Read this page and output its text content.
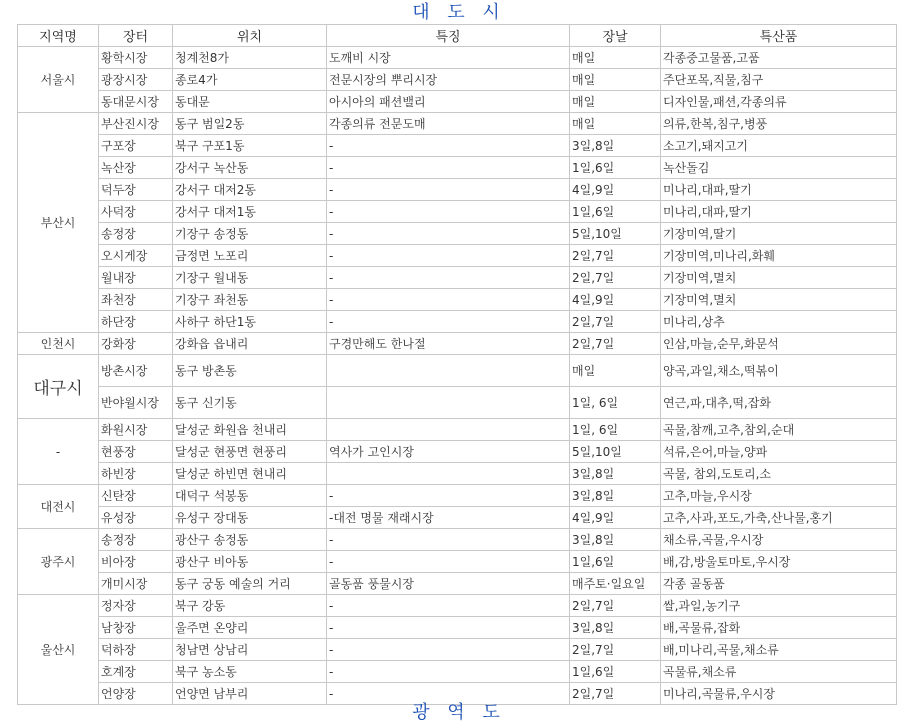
대 도 시
지역명	장터	위치	특징	장날	특산품
서울시	황학시장	청계천8가	도깨비 시장	매일	각종중고물품,고품
	광장시장	종로4가	전문시장의 뿌리시장	매일	주단포목,직물,침구
	동대문시장	동대문	아시아의 패션밸리	매일	디자인물,패션,각종의류
부산시	부산진시장	동구 범일2동	각종의류 전문도매	매일	의류,한복,침구,병풍
	구포장	북구 구포1동	-	3일,8일	소고기,돼지고기
	녹산장	강서구 녹산동	-	1일,6일	녹산돌김
	덕두장	강서구 대저2동	-	4일,9일	미나리,대파,딸기
	사덕장	강서구 대저1동	-	1일,6일	미나리,대파,딸기
	송정장	기장구 송정동	-	5일,10일	기장미역,딸기
	오시게장	금정면 노포리	-	2일,7일	기장미역,미나리,화훼
	월내장	기장구 월내동	-	2일,7일	기장미역,멸치
	좌천장	기장구 좌천동	-	4일,9일	기장미역,멸치
	하단장	사하구 하단1동	-	2일,7일	미나리,상추
인천시	강화장	강화읍 읍내리	구경만해도 한나절	2일,7일	인삼,마늘,순무,화문석
대구시	방촌시장	동구 방촌동		매일	양곡,과일,채소,떡볶이
	반야월시장	동구 신기동		1일, 6일	연근,파,대추,떡,잡화
-	화원시장	달성군 화원읍 천내리		1일, 6일	곡물,참깨,고추,참외,순대
	현풍장	달성군 현풍면 현풍리	역사가 고인시장	5일,10일	석류,은어,마늘,양파
	하빈장	달성군 하빈면 현내리		3일,8일	곡물, 참외,도토리,소
대전시	신탄장	대덕구 석봉동	-	3일,8일	고추,마늘,우시장
	유성장	유성구 장대동	-대전 명물 재래시장	4일,9일	고추,사과,포도,가축,산나물,홍기
광주시	송정장	광산구 송정동	-	3일,8일	채소류,곡물,우시장
	비아장	광산구 비아동	-	1일,6일	배,감,방울토마토,우시장
	개미시장	동구 궁동 예술의 거리	골동품 풍물시장	매주토·일요일	각종 골동품
울산시	정자장	북구 강동	-	2일,7일	쌀,과일,농기구
	남창장	울주면 온양리	-	3일,8일	배,곡물류,잡화
	덕하장	청남면 상남리	-	2일,7일	배,미나리,곡물,채소류
	호계장	북구 농소동	-	1일,6일	곡물류,채소류
	언양장	언양면 남부리	-	2일,7일	미나리,곡물류,우시장
광 역 도
